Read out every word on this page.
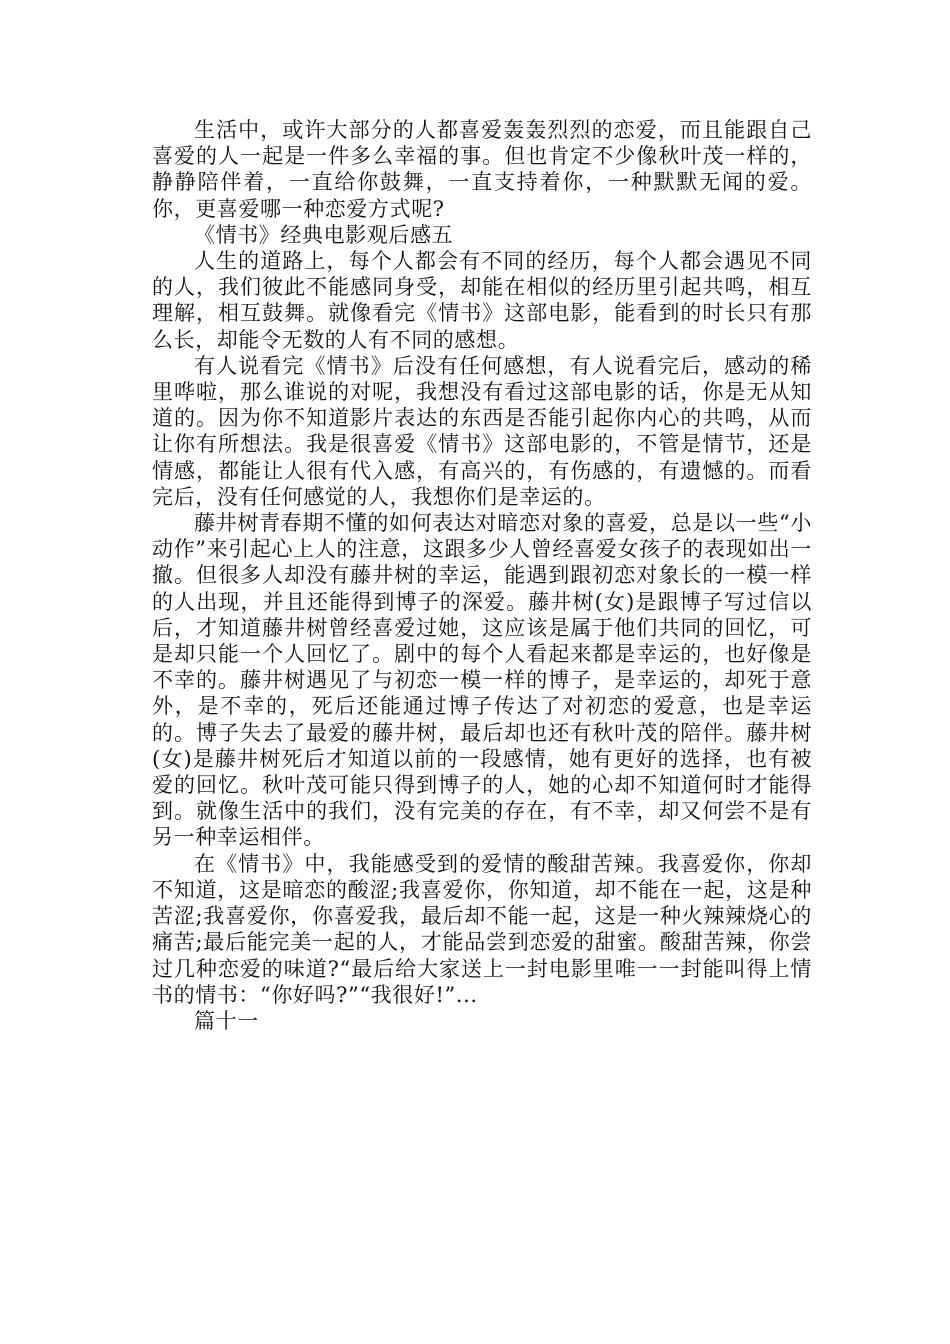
生活中，或许大部分的人都喜爱轰轰烈烈的恋爱，而且能跟自己喜爱的人一起是一件多么幸福的事。但也肯定不少像秋叶茂一样的，静静陪伴着，一直给你鼓舞，一直支持着你，一种默默无闻的爱。你，更喜爱哪一种恋爱方式呢?

《情书》经典电影观后感五

人生的道路上，每个人都会有不同的经历，每个人都会遇见不同的人，我们彼此不能感同身受，却能在相似的经历里引起共鸣，相互理解，相互鼓舞。就像看完《情书》这部电影，能看到的时长只有那么长，却能令无数的人有不同的感想。

有人说看完《情书》后没有任何感想，有人说看完后，感动的稀里哗啦，那么谁说的对呢，我想没有看过这部电影的话，你是无从知道的。因为你不知道影片表达的东西是否能引起你内心的共鸣，从而让你有所想法。我是很喜爱《情书》这部电影的，不管是情节，还是情感，都能让人很有代入感，有高兴的，有伤感的，有遗憾的。而看完后，没有任何感觉的人，我想你们是幸运的。

藤井树青春期不懂的如何表达对暗恋对象的喜爱，总是以一些“小动作”来引起心上人的注意，这跟多少人曾经喜爱女孩子的表现如出一撤。但很多人却没有藤井树的幸运，能遇到跟初恋对象长的一模一样的人出现，并且还能得到博子的深爱。藤井树(女)是跟博子写过信以后，才知道藤井树曾经喜爱过她，这应该是属于他们共同的回忆，可是却只能一个人回忆了。剧中的每个人看起来都是幸运的，也好像是不幸的。藤井树遇见了与初恋一模一样的博子，是幸运的，却死于意外，是不幸的，死后还能通过博子传达了对初恋的爱意，也是幸运的。博子失去了最爱的藤井树，最后却也还有秋叶茂的陪伴。藤井树(女)是藤井树死后才知道以前的一段感情，她有更好的选择，也有被爱的回忆。秋叶茂可能只得到博子的人，她的心却不知道何时才能得到。就像生活中的我们，没有完美的存在，有不幸，却又何尝不是有另一种幸运相伴。

在《情书》中，我能感受到的爱情的酸甜苦辣。我喜爱你，你却不知道，这是暗恋的酸涩;我喜爱你，你知道，却不能在一起，这是种苦涩;我喜爱你，你喜爱我，最后却不能一起，这是一种火辣辣烧心的痛苦;最后能完美一起的人，才能品尝到恋爱的甜蜜。酸甜苦辣，你尝过几种恋爱的味道?“最后给大家送上一封电影里唯一一封能叫得上情书的情书：“你好吗?”“我很好!”...

篇十一
